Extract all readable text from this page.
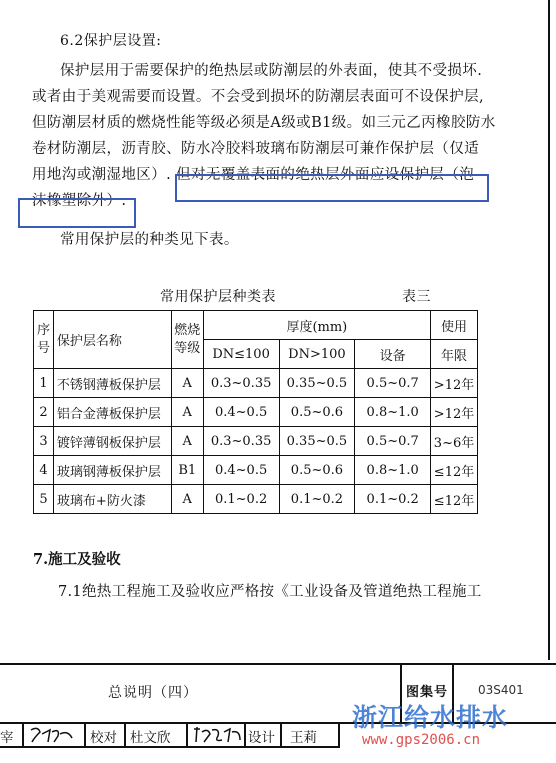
6.2保护层设置:
保护层用于需要保护的绝热层或防潮层的外表面，使其不受损坏.
或者由于美观需要而设置。不会受到损坏的防潮层表面可不设保护层,
但防潮层材质的燃烧性能等级必须是A级或B1级。如三元乙丙橡胶防水
卷材防潮层，沥青胶、防水冷胶料玻璃布防潮层可兼作保护层（仅适
用地沟或潮湿地区）. 但对无覆盖表面的绝热层外面应设保护层（泡
沫橡塑除外）.
常用保护层的种类见下表。
常用保护层种类表	表三
序
号	保护层名称	燃烧
等级	厚度(mm)			使用
			DN≤100	DN>100	设备	年限
1	不锈钢薄板保护层	A	0.3~0.35	0.35~0.5	0.5~0.7	>12年
2	铝合金薄板保护层	A	0.4~0.5	0.5~0.6	0.8~1.0	>12年
3	镀锌薄钢板保护层	A	0.3~0.35	0.35~0.5	0.5~0.7	3~6年
4	玻璃钢薄板保护层	B1	0.4~0.5	0.5~0.6	0.8~1.0	≤12年
5	玻璃布+防火漆	A	0.1~0.2	0.1~0.2	0.1~0.2	≤12年
7.施工及验收
7.1绝热工程施工及验收应严格按《工业设备及管道绝热工程施工
总说明（四）	图集号 03S401
宰	校对 杜文欣	设计 王莉
浙江给水排水
www.gps2006.cn
